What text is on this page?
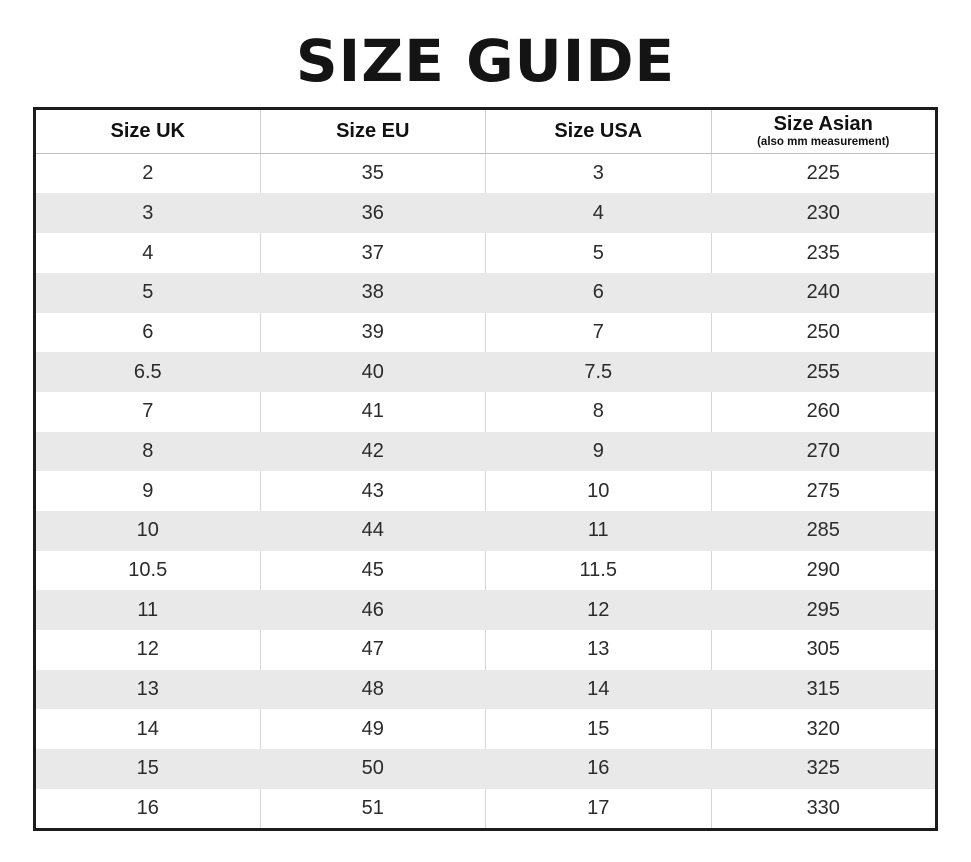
SIZE GUIDE
Size UK	Size EU	Size USA	Size Asian
(also mm measurement)

2	35	3	225
3	36	4	230
4	37	5	235
5	38	6	240
6	39	7	250
6.5	40	7.5	255
7	41	8	260
8	42	9	270
9	43	10	275
10	44	11	285
10.5	45	11.5	290
11	46	12	295
12	47	13	305
13	48	14	315
14	49	15	320
15	50	16	325
16	51	17	330
